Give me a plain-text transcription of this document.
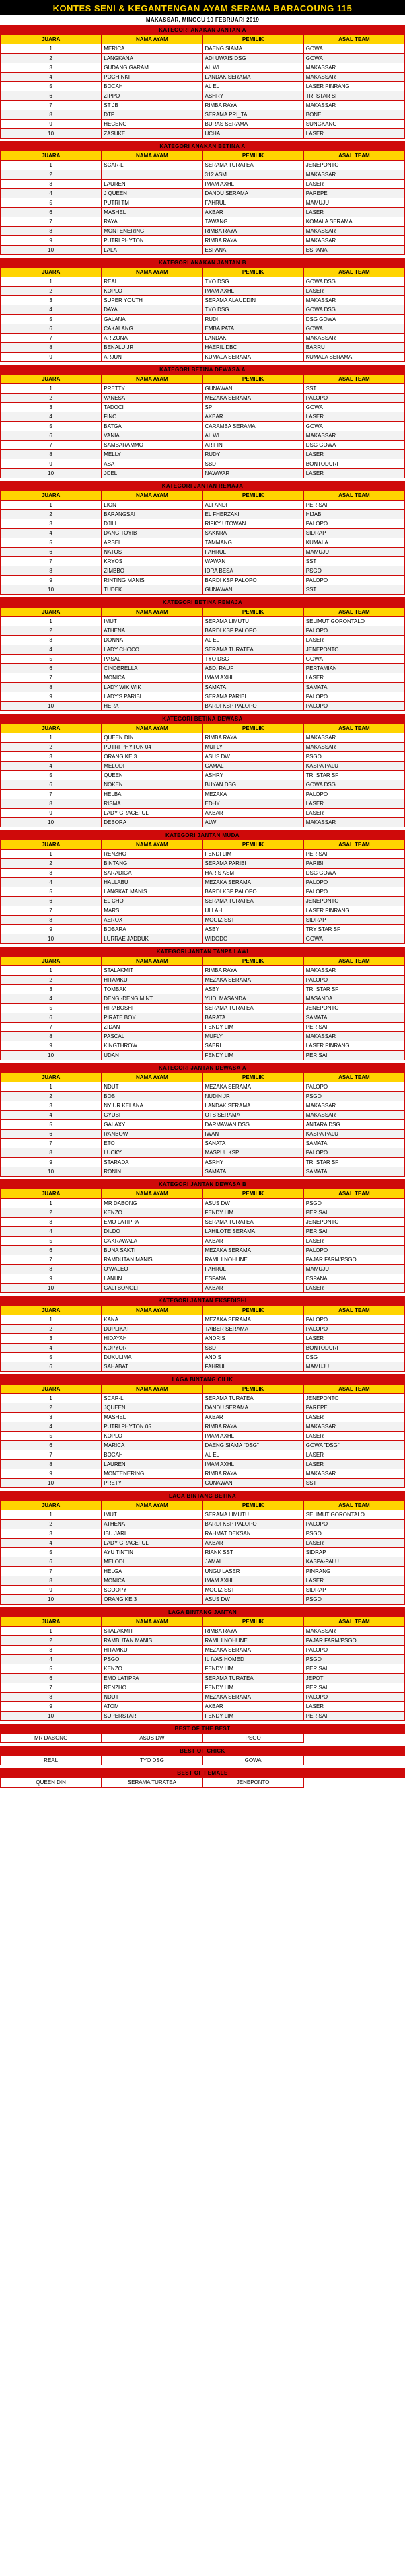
KONTES SENI & KEGANTENGAN AYAM SERAMA BARACOUNG 115
MAKASSAR, MINGGU 10 FEBRUARI 2019
KATEGORI ANAKAN JANTAN A			
JUARA	NAMA AYAM	PEMILIK	ASAL TEAM
1	MERICA	DAENG SIAMA	GOWA
2	LANGKANA	ADI UWAIS DSG	GOWA
3	GUDANG GARAM	AL WI	MAKASSAR
4	POCHINKI	LANDAK SERAMA	MAKASSAR
5	BOCAH	AL EL	LASER PINRANG
6	ZIPPO	ASHRY	TRI STAR SF
7	ST JB	RIMBA RAYA	MAKASSAR
8	DTP	SERAMA PRI_TA	BONE
9	HECENG	BURAS SERAMA	SUNGKANG
10	ZASUKE	UCHA	LASER
KATEGORI ANAKAN BETINA A			
JUARA	NAMA AYAM	PEMILIK	ASAL TEAM
1	SCAR-L	SERAMA TURATEA	JENEPONTO
2		312 ASM	MAKASSAR
3	LAUREN	IMAM AXHL	LASER
4	J QUEEN	DANDU SERAMA	PAREPE
5	PUTRI TM	FAHRUL	MAMUJU
6	MASHEL	AKBAR	LASER
7	RAYA	TAWANG	KOMALA SERAMA
8	MONTENERING	RIMBA RAYA	MAKASSAR
9	PUTRI PHYTON	RIMBA RAYA	MAKASSAR
10	LALA	ESPANA	ESPANA
KATEGORI ANAKAN JANTAN B			
JUARA	NAMA AYAM	PEMILIK	ASAL TEAM
1	REAL	TYO DSG	GOWA DSG
2	KOPLO	IMAM AXHL	LASER
3	SUPER YOUTH	SERAMA ALAUDDIN	MAKASSAR
4	DAYA	TYO DSG	GOWA DSG
5	GALANA	RUDI	DSG GOWA
6	CAKALANG	EMBA PATA	GOWA
7	ARIZONA	LANDAK	MAKASSAR
8	BENALU JR	HAERIL DBC	BARRU
9	ARJUN	KUMALA SERAMA	KUMALA SERAMA
KATEGORI BETINA DEWASA A			
JUARA	NAMA AYAM	PEMILIK	ASAL TEAM
1	PRETTY	GUNAWAN	SST
2	VANESA	MEZAKA SERAMA	PALOPO
3	TADOCI	SP	GOWA
4	FINO	AKBAR	LASER
5	BATGA	CARAMBA SERAMA	GOWA
6	VANIA	AL WI	MAKASSAR
7	SAMBARAMMO	ARIFIN	DSG GOWA
8	MELLY	RUDY	LASER
9	ASA	SBD	BONTODURI
10	JOEL	NAWWAR	LASER
KATEGORI JANTAN REMAJA			
JUARA	NAMA AYAM	PEMILIK	ASAL TEAM
1	LION	ALFANDI	PERISAI
2	BARANGSAI	EL FHERZAKI	HIJAB
3	DJILL	RIFKY UTOWAN	PALOPO
4	DANG TOYIB	SAKKRA	SIDRAP
5	ARSEL	TAMMANG	KUMALA
6	NATOS	FAHRUL	MAMUJU
7	KRYOS	WAWAN	SST
8	ZIMBBO	IDRA BESA	PSGO
9	RINTING MANIS	BARDI KSP PALOPO	PALOPO
10	TUDEK	GUNAWAN	SST
KATEGORI BETINA REMAJA			
JUARA	NAMA AYAM	PEMILIK	ASAL TEAM
1	IMUT	SERAMA LIMUTU	SELIMUT GORONTALO
2	ATHENA	BARDI KSP PALOPO	PALOPO
3	DONNA	AL EL	LASER
4	LADY CHOCO	SERAMA TURATEA	JENEPONTO
5	PASAL	TYO DSG	GOWA
6	CINDERELLA	ABD. RAUF	PERTAMIAN
7	MONICA	IMAM AXHL	LASER
8	LADY WIK WIK	SAMATA	SAMATA
9	LADY'S PARIBI	SERAMA PARIBI	PALOPO
10	HERA	BARDI KSP PALOPO	PALOPO
KATEGORI BETINA DEWASA			
JUARA	NAMA AYAM	PEMILIK	ASAL TEAM
1	QUEEN DIN	RIMBA RAYA	MAKASSAR
2	PUTRI PHYTON 04	MUFLY	MAKASSAR
3	ORANG KE 3	ASUS DW	PSGO
4	MELODI	GAMAL	KASPA PALU
5	QUEEN	ASHRY	TRI STAR SF
6	NOKEN	BUYAN DSG	GOWA DSG
7	HELBA	MEZAKA	PALOPO
8	RISMA	EDHY	LASER
9	LADY GRACEFUL	AKBAR	LASER
10	DEBORA	ALWI	MAKASSAR
KATEGORI JANTAN MUDA			
JUARA	NAMA AYAM	PEMILIK	ASAL TEAM
1	RENZHO	FENDI LIM	PERISAI
2	BINTANG	SERAMA PARIBI	PARIBI
3	SARADIGA	HARIS ASM	DSG GOWA
4	HALLABU	MEZAKA SERAMA	PALOPO
5	LANGKAT MANIS	BARDI KSP PALOPO	PALOPO
6	EL CHO	SERAMA TURATEA	JENEPONTO
7	MARS	ULLAH	LASER PINRANG
8	AEROX	MOGIZ SST	SIDRAP
9	BOBARA	ASBY	TRY STAR SF
10	LURRAE JADDUK	WIDODO	GOWA
KATEGORI JANTAN TANPA LAWI			
JUARA	NAMA AYAM	PEMILIK	ASAL TEAM
1	STALAKMIT	RIMBA RAYA	MAKASSAR
2	HITAMKU	MEZAKA SERAMA	PALOPO
3	TOMBAK	ASBY	TRI STAR SF
4	DENG -DENG MINT	YUDI MASANDA	MASANDA
5	HIRABOSHI	SERAMA TURATEA	JENEPONTO
6	PIRATE BOY	BARATA	SAMATA
7	ZIDAN	FENDY LIM	PERISAI
8	PASCAL	MUFLY	MAKASSAR
9	KINGTHROW	SABRI	LASER PINRANG
10	UDAN	FENDY LIM	PERISAI
KATEGORI JANTAN DEWASA A			
JUARA	NAMA AYAM	PEMILIK	ASAL TEAM
1	NDUT	MEZAKA SERAMA	PALOPO
2	BOB	NUDIN JR	PSGO
3	NYIUR KELANA	LANDAK SERAMA	MAKASSAR
4	GYUBI	OTS SERAMA	MAKASSAR
5	GALAXY	DARMAWAN DSG	ANTARA DSG
6	RANBOW	IWAN	KASPA PALU
7	ETO	SANATA	SAMATA
8	LUCKY	MASPUL KSP	PALOPO
9	STARADA	ASRHY	TRI STAR SF
10	RONIN	SAMATA	SAMATA
KATEGORI JANTAN DEWASA B			
JUARA	NAMA AYAM	PEMILIK	ASAL TEAM
1	MR DABONG	ASUS DW	PSGO
2	KENZO	FENDY LIM	PERISAI
3	EMO LATIPPA	SERAMA TURATEA	JENEPONTO
4	DILDO	LAHILOTE SERAMA	PERISAI
5	CAKRAWALA	AKBAR	LASER
6	BUNA SAKTI	MEZAKA SERAMA	PALOPO
7	RAMDUTAN MANIS	RAML I NOHUNE	PAJAR FARM/PSGO
8	O'WALEO	FAHRUL	MAMUJU
9	LANUN	ESPANA	ESPANA
10	GALI BONGLI	AKBAR	LASER
KATEGORI JANTAN EKSEDISHI			
JUARA	NAMA AYAM	PEMILIK	ASAL TEAM
1	KANA	MEZAKA SERAMA	PALOPO
2	DUPLIKAT	TAIBER SERAMA	PALOPO
3	HIDAYAH	ANDRIS	LASER
4	KOPYOR	SBD	BONTODURI
5	DUKULIMA	ANDIS	DSG
6	SAHABAT	FAHRUL	MAMUJU
LAGA BINTANG CILIK			
JUARA	NAMA AYAM	PEMILIK	ASAL TEAM
1	SCAR-L	SERAMA TURATEA	JENEPONTO
2	JQUEEN	DANDU SERAMA	PAREPE
3	MASHEL	AKBAR	LASER
4	PUTRI PHYTON 05	RIMBA RAYA	MAKASSAR
5	KOPLO	IMAM AXHL	LASER
6	MARICA	DAENG SIAMA "DSG"	GOWA "DSG"
7	BOCAH	AL EL	LASER
8	LAUREN	IMAM AXHL	LASER
9	MONTENERING	RIMBA RAYA	MAKASSAR
10	PRETY	GUNAWAN	SST
LAGA BINTANG BETINA			
JUARA	NAMA AYAM	PEMILIK	ASAL TEAM
1	IMUT	SERAMA LIMUTU	SELIMUT GORONTALO
2	ATHENA	BARDI KSP PALOPO	PALOPO
3	IBU JARI	RAHMAT DEKSAN	PSGO
4	LADY GRACEFUL	AKBAR	LASER
5	AYU TINTIN	RIANK SST	SIDRAP
6	MELODI	JAMAL	KASPA-PALU
7	HELGA	UNGU LASER	PINRANG
8	MONICA	IMAM AXHL	LASER
9	SCOOPY	MOGIZ SST	SIDRAP
10	ORANG KE 3	ASUS DW	PSGO
LAGA BINTANG JANTAN			
JUARA	NAMA AYAM	PEMILIK	ASAL TEAM
1	STALAKMIT	RIMBA RAYA	MAKASSAR
2	RAMBUTAN MANIS	RAML I NOHUNE	PAJAR FARM/PSGO
3	HITAMKU	MEZAKA SERAMA	PALOPO
4	PSGO	IL IVAS HOMED	PSGO
5	KENZO	FENDY LIM	PERISAI
6	EMO LATIPPA	SERAMA TURATEA	JEPOT
7	RENZHO	FENDY LIM	PERISAI
8	NDUT	MEZAKA SERAMA	PALOPO
9	ATOM	AKBAR	LASER
10	SUPERSTAR	FENDY LIM	PERISAI
BEST OF THE BEST
MR DABONG	ASUS DW	PSGO
BEST OF CHICK
REAL	TYO DSG	GOWA
BEST OF FEMALE
QUEEN DIN	SERAMA TURATEA	JENEPONTO
